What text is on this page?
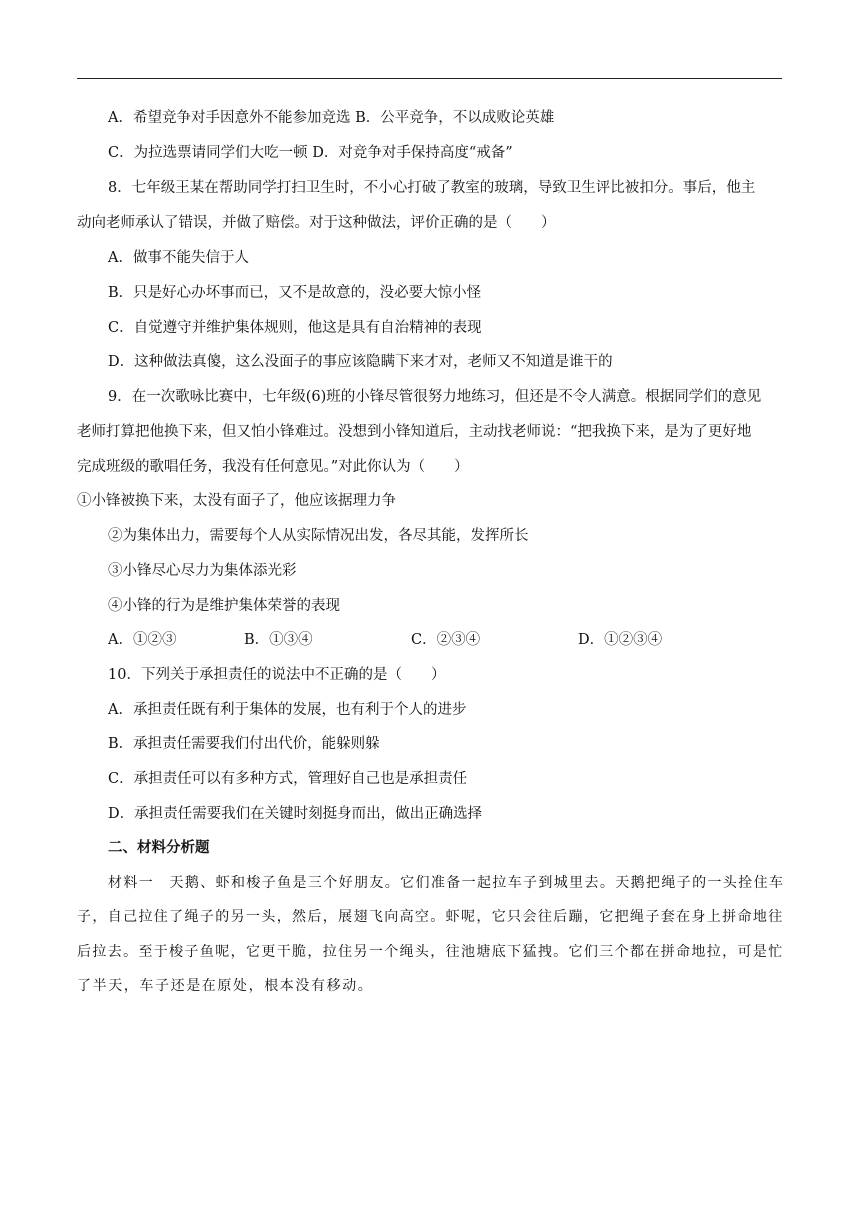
A．希望竞争对手因意外不能参加竞选 B．公平竞争，不以成败论英雄
C．为拉选票请同学们大吃一顿 D．对竞争对手保持高度“戒备”
8．七年级王某在帮助同学打扫卫生时，不小心打破了教室的玻璃，导致卫生评比被扣分。事后，他主
动向老师承认了错误，并做了赔偿。对于这种做法，评价正确的是（　　）
A．做事不能失信于人
B．只是好心办坏事而已，又不是故意的，没必要大惊小怪
C．自觉遵守并维护集体规则，他这是具有自治精神的表现
D．这种做法真傻，这么没面子的事应该隐瞒下来才对，老师又不知道是谁干的
9．在一次歌咏比赛中，七年级(6)班的小锋尽管很努力地练习，但还是不令人满意。根据同学们的意见
老师打算把他换下来，但又怕小锋难过。没想到小锋知道后，主动找老师说：“把我换下来，是为了更好地
完成班级的歌唱任务，我没有任何意见。”对此你认为（　　）
①小锋被换下来，太没有面子了，他应该据理力争
②为集体出力，需要每个人从实际情况出发，各尽其能，发挥所长
③小锋尽心尽力为集体添光彩
④小锋的行为是维护集体荣誉的表现
A．①②③	B．①③④	C．②③④	D．①②③④
10．下列关于承担责任的说法中不正确的是（　　）
A．承担责任既有利于集体的发展，也有利于个人的进步
B．承担责任需要我们付出代价，能躲则躲
C．承担责任可以有多种方式，管理好自己也是承担责任
D．承担责任需要我们在关键时刻挺身而出，做出正确选择
二、材料分析题
材料一　天鹅、虾和梭子鱼是三个好朋友。它们准备一起拉车子到城里去。天鹅把绳子的一头拴住车
子，自己拉住了绳子的另一头，然后，展翅飞向高空。虾呢，它只会往后蹦，它把绳子套在身上拼命地往
后拉去。至于梭子鱼呢，它更干脆，拉住另一个绳头，往池塘底下猛拽。它们三个都在拼命地拉，可是忙
了半天，车子还是在原处，根本没有移动。
